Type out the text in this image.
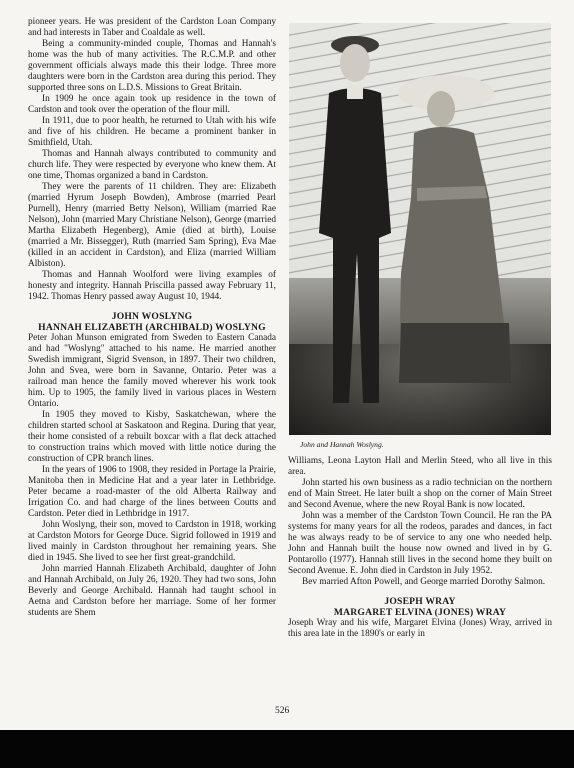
pioneer years. He was president of the Cardston Loan Company and had interests in Taber and Coaldale as well.

Being a community-minded couple, Thomas and Hannah's home was the hub of many activities. The R.C.M.P. and other government officials always made this their lodge. Three more daughters were born in the Cardston area during this period. They supported three sons on L.D.S. Missions to Great Britain.

In 1909 he once again took up residence in the town of Cardston and took over the operation of the flour mill.

In 1911, due to poor health, he returned to Utah with his wife and five of his children. He became a prominent banker in Smithfield, Utah.

Thomas and Hannah always contributed to community and church life. They were respected by everyone who knew them. At one time, Thomas organized a band in Cardston.

They were the parents of 11 children. They are: Elizabeth (married Hyrum Joseph Bowden), Ambrose (married Pearl Purnell), Henry (married Betty Nelson), William (married Rae Nelson), John (married Mary Christiane Nelson), George (married Martha Elizabeth Hegenberg), Amie (died at birth), Louise (married a Mr. Bissegger), Ruth (married Sam Spring), Eva Mae (killed in an accident in Cardston), and Eliza (married William Albiston).

Thomas and Hannah Woolford were living examples of honesty and integrity. Hannah Priscilla passed away February 11, 1942. Thomas Henry passed away August 10, 1944.

JOHN WOSLYNG
HANNAH ELIZABETH (ARCHIBALD) WOSLYNG

Peter Johan Munson emigrated from Sweden to Eastern Canada and had "Woslyng" attached to his name. He married another Swedish immigrant, Sigrid Svenson, in 1897. Their two children, John and Svea, were born in Savanne, Ontario. Peter was a railroad man hence the family moved wherever his work took him. Up to 1905, the family lived in various places in Western Ontario.

In 1905 they moved to Kisby, Saskatchewan, where the children started school at Saskatoon and Regina. During that year, their home consisted of a rebuilt boxcar with a flat deck attached to construction trains which moved with little notice during the construction of CPR branch lines.

In the years of 1906 to 1908, they resided in Portage la Prairie, Manitoba then in Medicine Hat and a year later in Lethbridge. Peter became a road-master of the old Alberta Railway and Irrigation Co. and had charge of the lines between Coutts and Cardston. Peter died in Lethbridge in 1917.

John Woslyng, their son, moved to Cardston in 1918, working at Cardston Motors for George Duce. Sigrid followed in 1919 and lived mainly in Cardston throughout her remaining years. She died in 1945. She lived to see her first great-grandchild.

John married Hannah Elizabeth Archibald, daughter of John and Hannah Archibald, on July 26, 1920. They had two sons, John Beverly and George Archibald. Hannah had taught school in Aetna and Cardston before her marriage. Some of her former students are Shem

John and Hannah Woslyng.

Williams, Leona Layton Hall and Merlin Steed, who all live in this area.

John started his own business as a radio technician on the northern end of Main Street. He later built a shop on the corner of Main Street and Second Avenue, where the new Royal Bank is now located.

John was a member of the Cardston Town Council. He ran the PA systems for many years for all the rodeos, parades and dances, in fact he was always ready to be of service to any one who needed help. John and Hannah built the house now owned and lived in by G. Pontarollo (1977). Hannah still lives in the second home they built on Second Avenue. E. John died in Cardston in July 1952.

Bev married Afton Powell, and George married Dorothy Salmon.

JOSEPH WRAY
MARGARET ELVINA (JONES) WRAY

Joseph Wray and his wife, Margaret Elvina (Jones) Wray, arrived in this area late in the 1890's or early in

526
